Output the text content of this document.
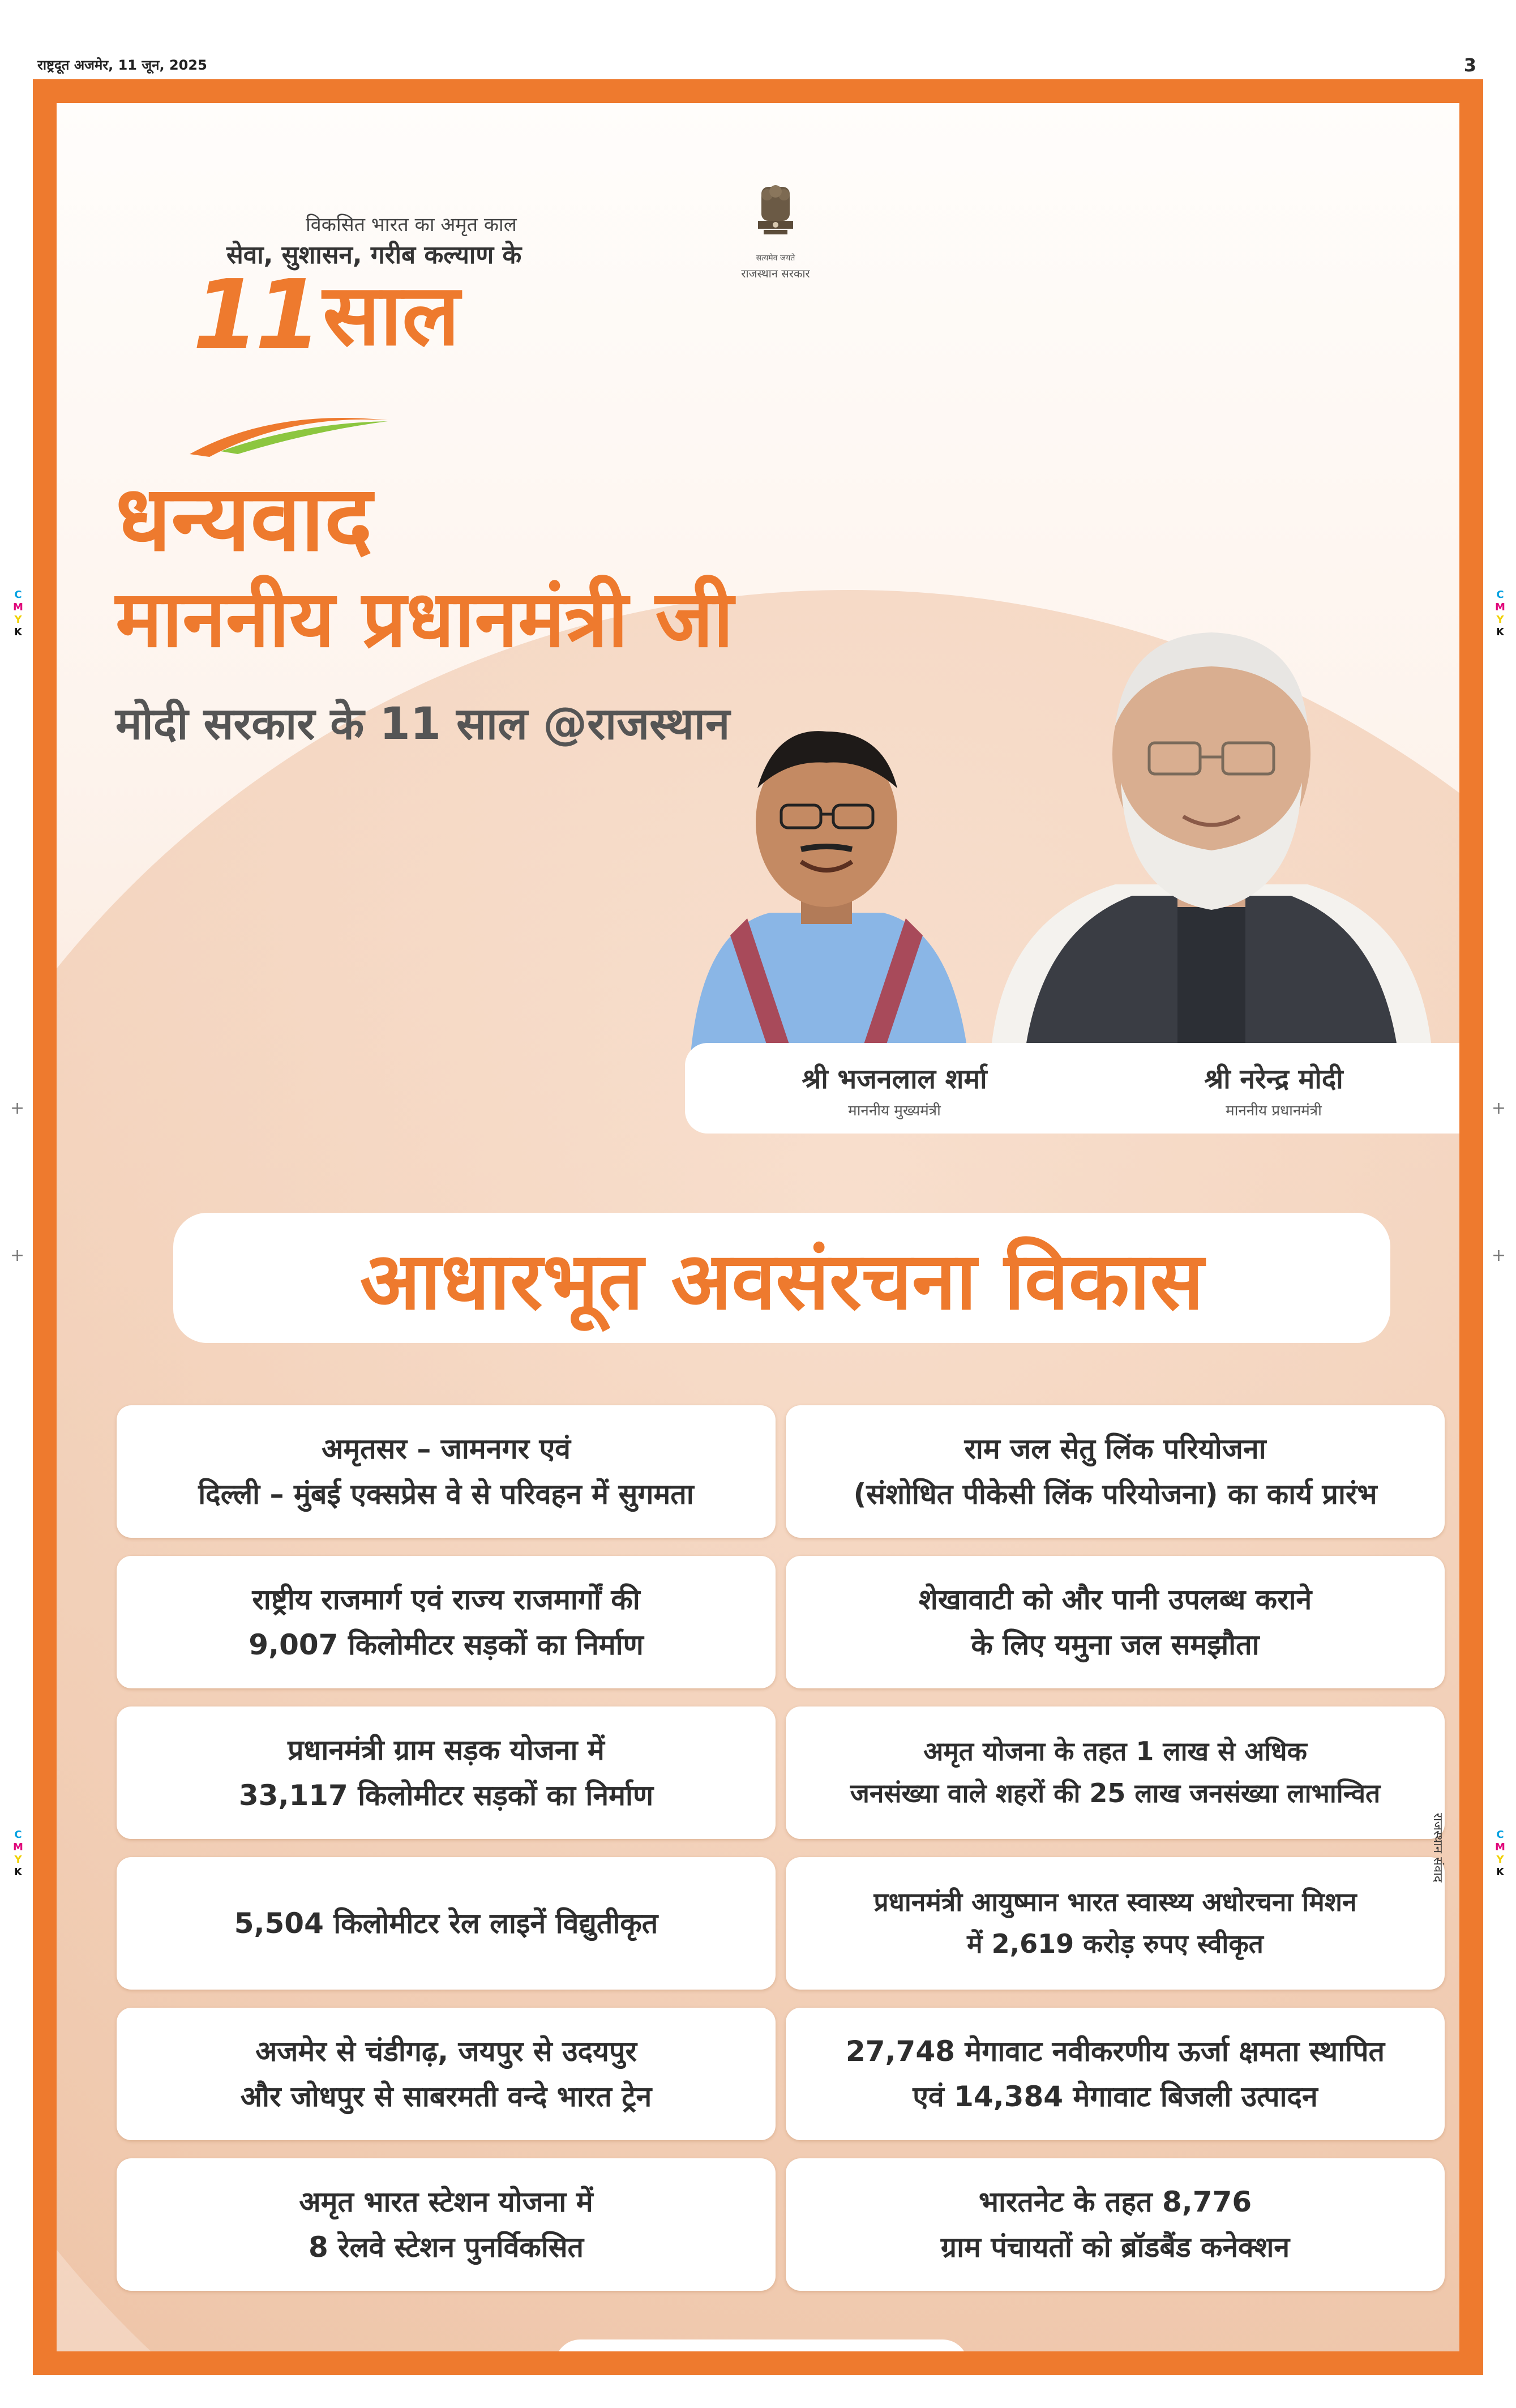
राष्ट्रदूत अजमेर, 11 जून, 2025	3
C
M
Y
K
C
M
Y
K
C
M
Y
K
C
M
Y
K
+	+
+	+
विकसित भारत का अमृत काल
सेवा, सुशासन, गरीब कल्याण के
11 साल
सत्यमेव जयते
राजस्थान सरकार
धन्यवाद
माननीय प्रधानमंत्री जी
मोदी सरकार के 11 साल @राजस्थान
श्री भजनलाल शर्मा
माननीय मुख्यमंत्री
श्री नरेन्द्र मोदी
माननीय प्रधानमंत्री
आधारभूत अवसंरचना विकास
अमृतसर – जामनगर एवं
दिल्ली – मुंबई एक्सप्रेस वे से परिवहन में सुगमता
राम जल सेतु लिंक परियोजना
(संशोधित पीकेसी लिंक परियोजना) का कार्य प्रारंभ
राष्ट्रीय राजमार्ग एवं राज्य राजमार्गों की
9,007 किलोमीटर सड़कों का निर्माण
शेखावाटी को और पानी उपलब्ध कराने
के लिए यमुना जल समझौता
प्रधानमंत्री ग्राम सड़क योजना में
33,117 किलोमीटर सड़कों का निर्माण
अमृत योजना के तहत 1 लाख से अधिक
जनसंख्या वाले शहरों की 25 लाख जनसंख्या लाभान्वित
5,504 किलोमीटर रेल लाइनें विद्युतीकृत
प्रधानमंत्री आयुष्मान भारत स्वास्थ्य अधोरचना मिशन
में 2,619 करोड़ रुपए स्वीकृत
अजमेर से चंडीगढ़, जयपुर से उदयपुर
और जोधपुर से साबरमती वन्दे भारत ट्रेन
27,748 मेगावाट नवीकरणीय ऊर्जा क्षमता स्थापित
एवं 14,384 मेगावाट बिजली उत्पादन
अमृत भारत स्टेशन योजना में
8 रेलवे स्टेशन पुनर्विकसित
भारतनेट के तहत 8,776
ग्राम पंचायतों को ब्रॉडबैंड कनेक्शन
सूचना एवं जनसम्पर्क विभाग, राजस्थान
राजस्थान संवाद
